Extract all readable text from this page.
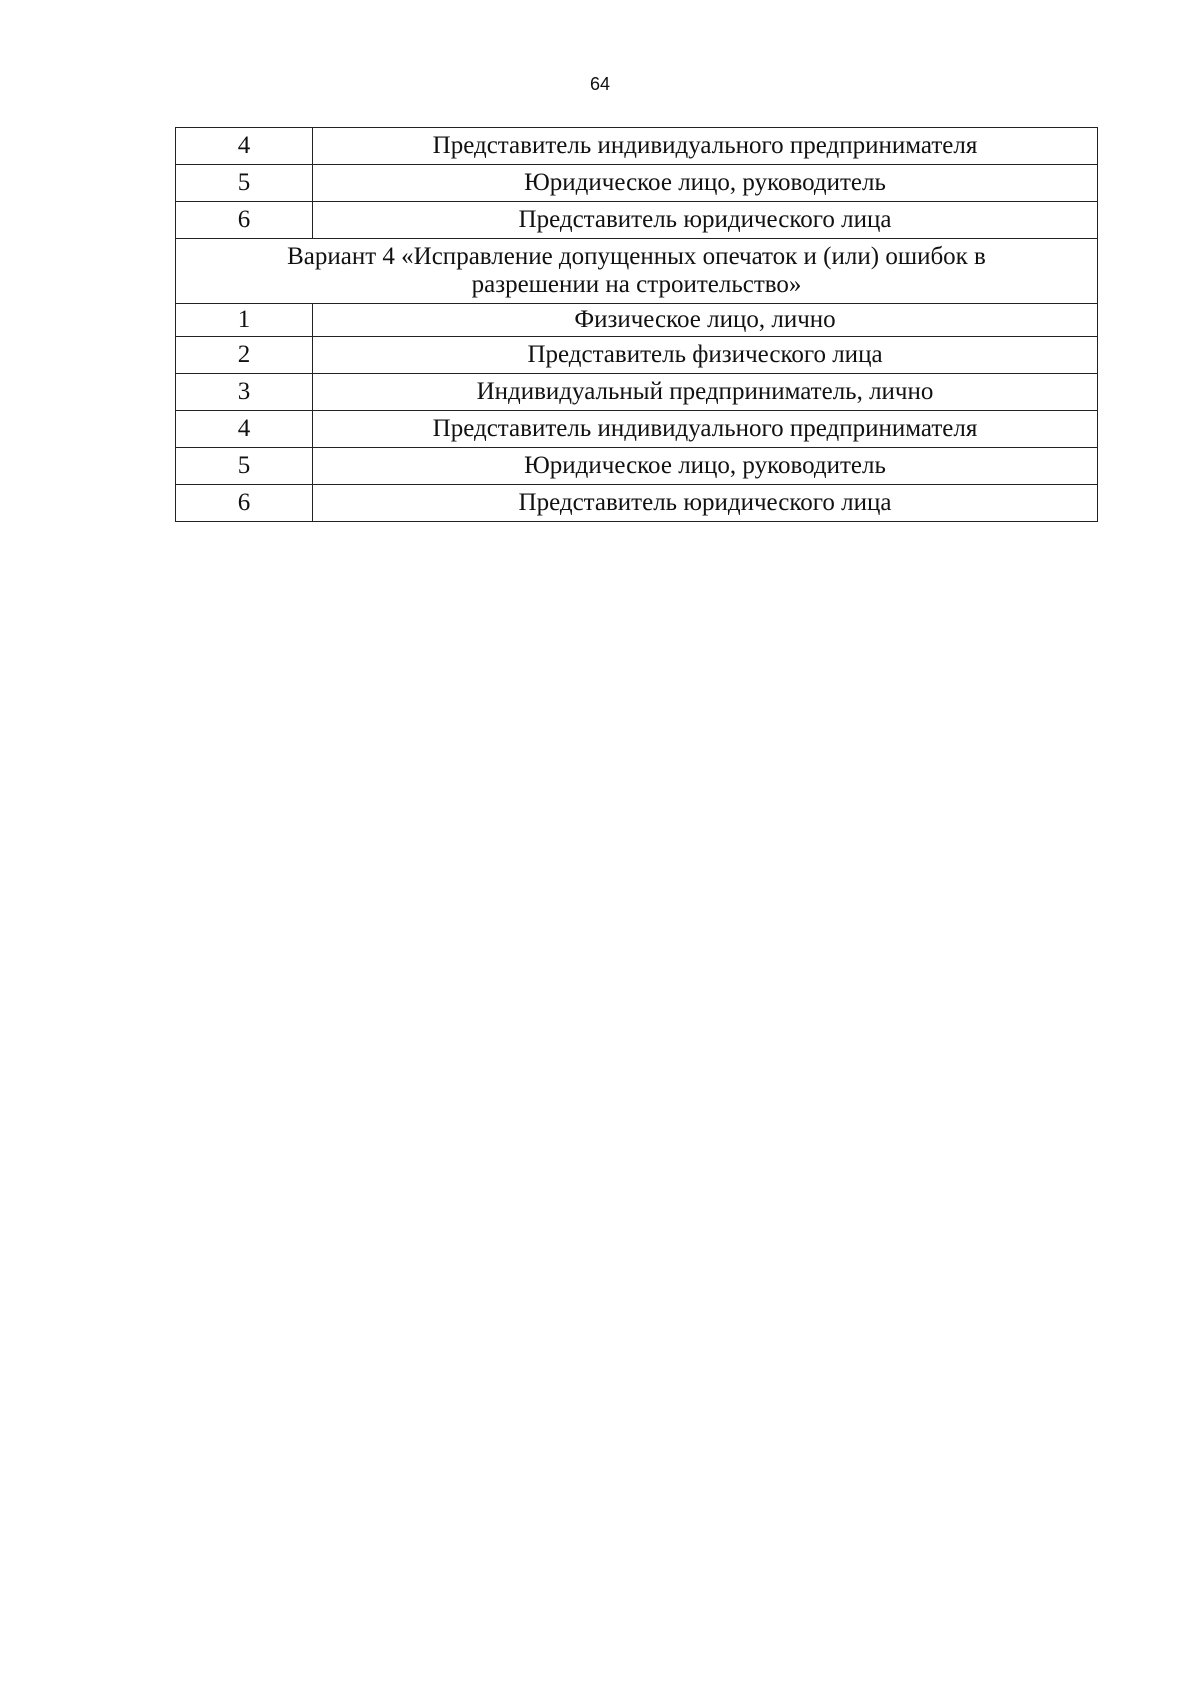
64
4	Представитель индивидуального предпринимателя
5	Юридическое лицо, руководитель
6	Представитель юридического лица
Вариант 4 «Исправление допущенных опечаток и (или) ошибок в
разрешении на строительство»	
1	Физическое лицо, лично
2	Представитель физического лица
3	Индивидуальный предприниматель, лично
4	Представитель индивидуального предпринимателя
5	Юридическое лицо, руководитель
6	Представитель юридического лица
